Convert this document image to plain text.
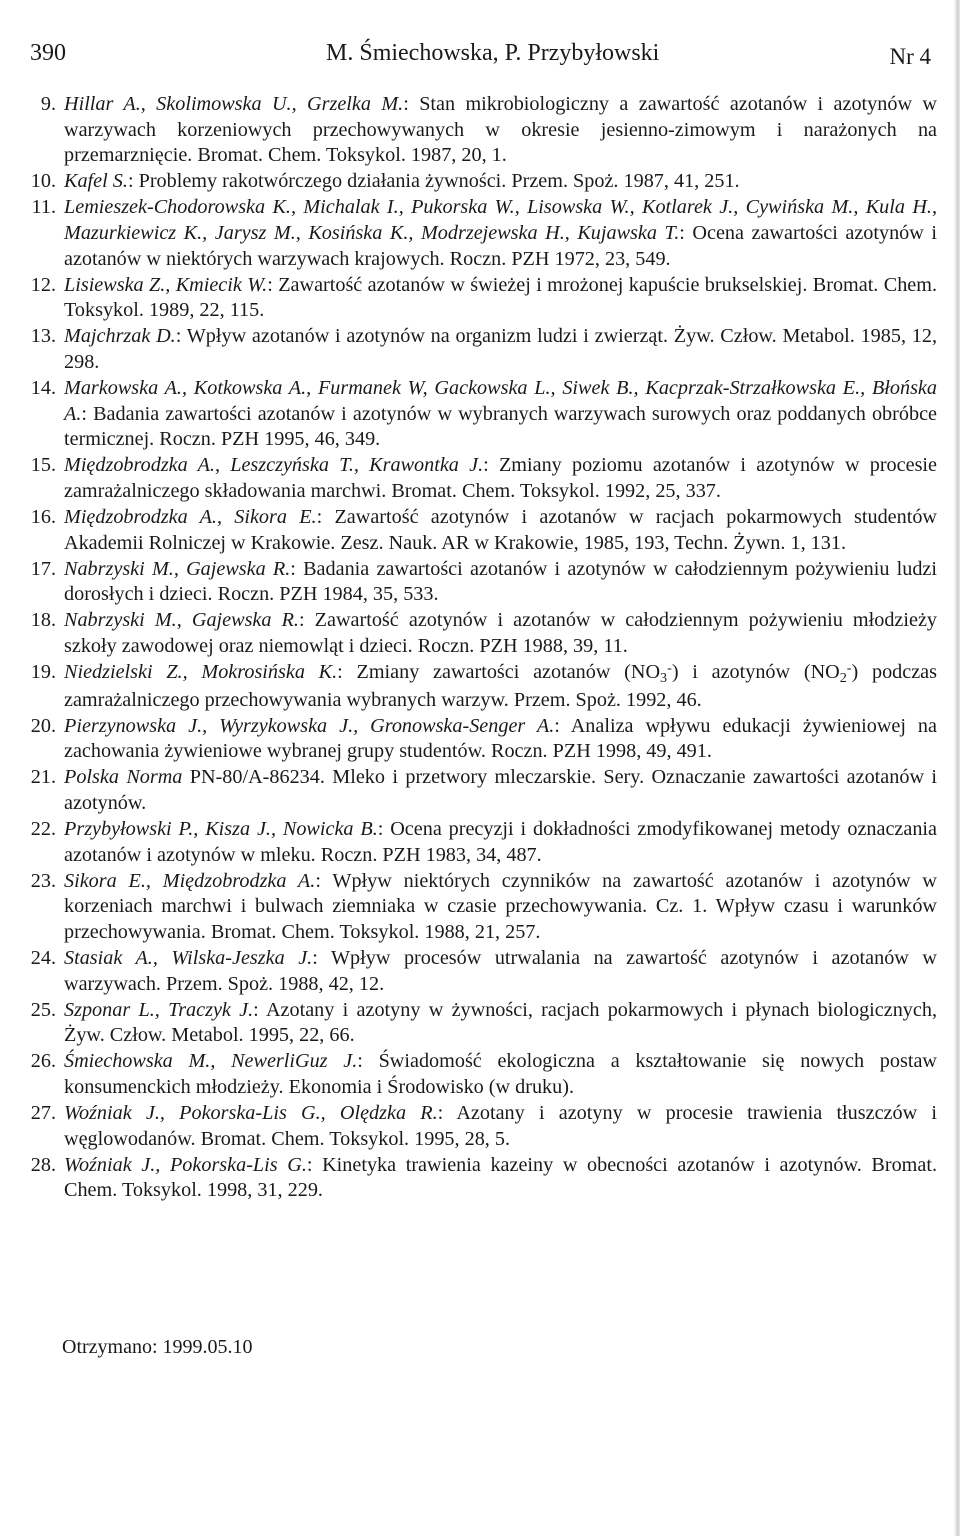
390	M. Śmiechowska, P. Przybyłowski	Nr 4
9. Hillar A., Skolimowska U., Grzelka M.: Stan mikrobiologiczny a zawartość azotanów i azotynów w warzywach korzeniowych przechowywanych w okresie jesienno-zimowym i narażonych na przemarznięcie. Bromat. Chem. Toksykol. 1987, 20, 1.
10. Kafel S.: Problemy rakotwórczego działania żywności. Przem. Spoż. 1987, 41, 251.
11. Lemieszek-Chodorowska K., Michalak I., Pukorska W., Lisowska W., Kotlarek J., Cywińska M., Kula H., Mazurkiewicz K., Jarysz M., Kosińska K., Modrzejewska H., Kujawska T.: Ocena zawartości azotynów i azotanów w niektórych warzywach krajowych. Roczn. PZH 1972, 23, 549.
12. Lisiewska Z., Kmiecik W.: Zawartość azotanów w świeżej i mrożonej kapuście brukselskiej. Bromat. Chem. Toksykol. 1989, 22, 115.
13. Majchrzak D.: Wpływ azotanów i azotynów na organizm ludzi i zwierząt. Żyw. Człow. Metabol. 1985, 12, 298.
14. Markowska A., Kotkowska A., Furmanek W, Gackowska L., Siwek B., Kacprzak-Strzałkowska E., Błońska A.: Badania zawartości azotanów i azotynów w wybranych warzywach surowych oraz poddanych obróbce termicznej. Roczn. PZH 1995, 46, 349.
15. Międzobrodzka A., Leszczyńska T., Krawontka J.: Zmiany poziomu azotanów i azotynów w procesie zamrażalniczego składowania marchwi. Bromat. Chem. Toksykol. 1992, 25, 337.
16. Międzobrodzka A., Sikora E.: Zawartość azotynów i azotanów w racjach pokarmowych studentów Akademii Rolniczej w Krakowie. Zesz. Nauk. AR w Krakowie, 1985, 193, Techn. Żywn. 1, 131.
17. Nabrzyski M., Gajewska R.: Badania zawartości azotanów i azotynów w całodziennym pożywieniu ludzi dorosłych i dzieci. Roczn. PZH 1984, 35, 533.
18. Nabrzyski M., Gajewska R.: Zawartość azotynów i azotanów w całodziennym pożywieniu młodzieży szkoły zawodowej oraz niemowląt i dzieci. Roczn. PZH 1988, 39, 11.
19. Niedzielski Z., Mokrosińska K.: Zmiany zawartości azotanów (NO3-) i azotynów (NO2-) podczas zamrażalniczego przechowywania wybranych warzyw. Przem. Spoż. 1992, 46.
20. Pierzynowska J., Wyrzykowska J., Gronowska-Senger A.: Analiza wpływu edukacji żywieniowej na zachowania żywieniowe wybranej grupy studentów. Roczn. PZH 1998, 49, 491.
21. Polska Norma PN-80/A-86234. Mleko i przetwory mleczarskie. Sery. Oznaczanie zawartości azotanów i azotynów.
22. Przybyłowski P., Kisza J., Nowicka B.: Ocena precyzji i dokładności zmodyfikowanej metody oznaczania azotanów i azotynów w mleku. Roczn. PZH 1983, 34, 487.
23. Sikora E., Międzobrodzka A.: Wpływ niektórych czynników na zawartość azotanów i azotynów w korzeniach marchwi i bulwach ziemniaka w czasie przechowywania. Cz. 1. Wpływ czasu i warunków przechowywania. Bromat. Chem. Toksykol. 1988, 21, 257.
24. Stasiak A., Wilska-Jeszka J.: Wpływ procesów utrwalania na zawartość azotynów i azotanów w warzywach. Przem. Spoż. 1988, 42, 12.
25. Szponar L., Traczyk J.: Azotany i azotyny w żywności, racjach pokarmowych i płynach biologicznych, Żyw. Człow. Metabol. 1995, 22, 66.
26. Śmiechowska M., NewerliGuz J.: Świadomość ekologiczna a kształtowanie się nowych postaw konsumenckich młodzieży. Ekonomia i Środowisko (w druku).
27. Woźniak J., Pokorska-Lis G., Olędzka R.: Azotany i azotyny w procesie trawienia tłuszczów i węglowodanów. Bromat. Chem. Toksykol. 1995, 28, 5.
28. Woźniak J., Pokorska-Lis G.: Kinetyka trawienia kazeiny w obecności azotanów i azotynów. Bromat. Chem. Toksykol. 1998, 31, 229.
Otrzymano: 1999.05.10
